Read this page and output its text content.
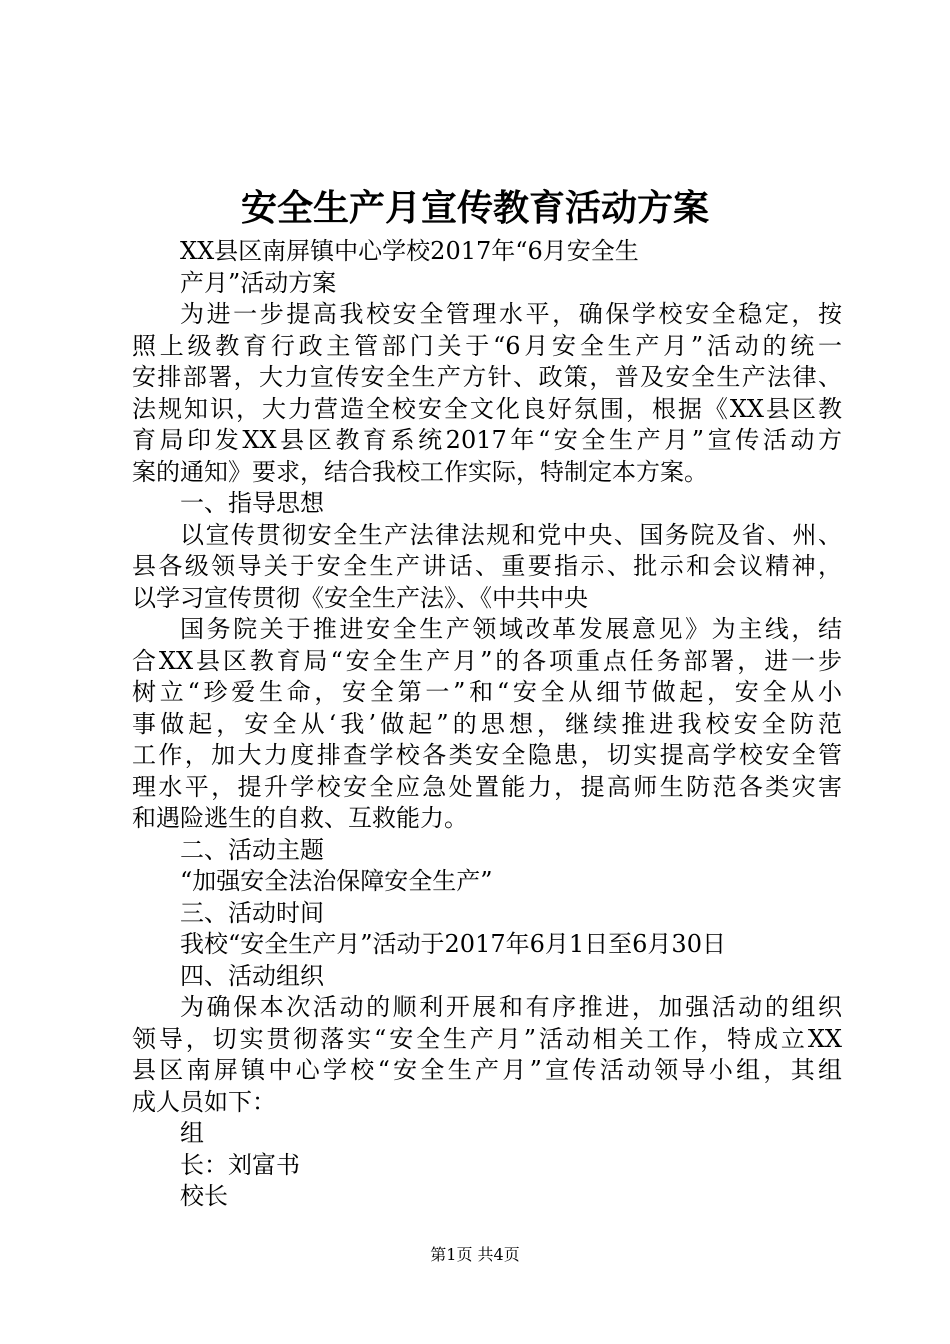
安全生产月宣传教育活动方案
XX县区南屏镇中心学校2017年“6月安全生
产月”活动方案
为进一步提高我校安全管理水平，确保学校安全稳定，按
照上级教育行政主管部门关于“6月安全生产月”活动的统一
安排部署，大力宣传安全生产方针、政策，普及安全生产法律、
法规知识，大力营造全校安全文化良好氛围，根据《XX县区教
育局印发XX县区教育系统2017年“安全生产月”宣传活动方
案的通知》要求，结合我校工作实际，特制定本方案。
一、指导思想
以宣传贯彻安全生产法律法规和党中央、国务院及省、州、
县各级领导关于安全生产讲话、重要指示、批示和会议精神，
以学习宣传贯彻《安全生产法》、《中共中央
国务院关于推进安全生产领域改革发展意见》为主线，结
合XX县区教育局“安全生产月”的各项重点任务部署，进一步
树立“珍爱生命，安全第一”和“安全从细节做起，安全从小
事做起，安全从‘我’做起”的思想，继续推进我校安全防范
工作，加大力度排查学校各类安全隐患，切实提高学校安全管
理水平，提升学校安全应急处置能力，提高师生防范各类灾害
和遇险逃生的自救、互救能力。
二、活动主题
“加强安全法治保障安全生产”
三、活动时间
我校“安全生产月”活动于2017年6月1日至6月30日
四、活动组织
为确保本次活动的顺利开展和有序推进，加强活动的组织
领导，切实贯彻落实“安全生产月”活动相关工作，特成立XX
县区南屏镇中心学校“安全生产月”宣传活动领导小组，其组
成人员如下：
组
长：刘富书
校长
第1页 共4页
